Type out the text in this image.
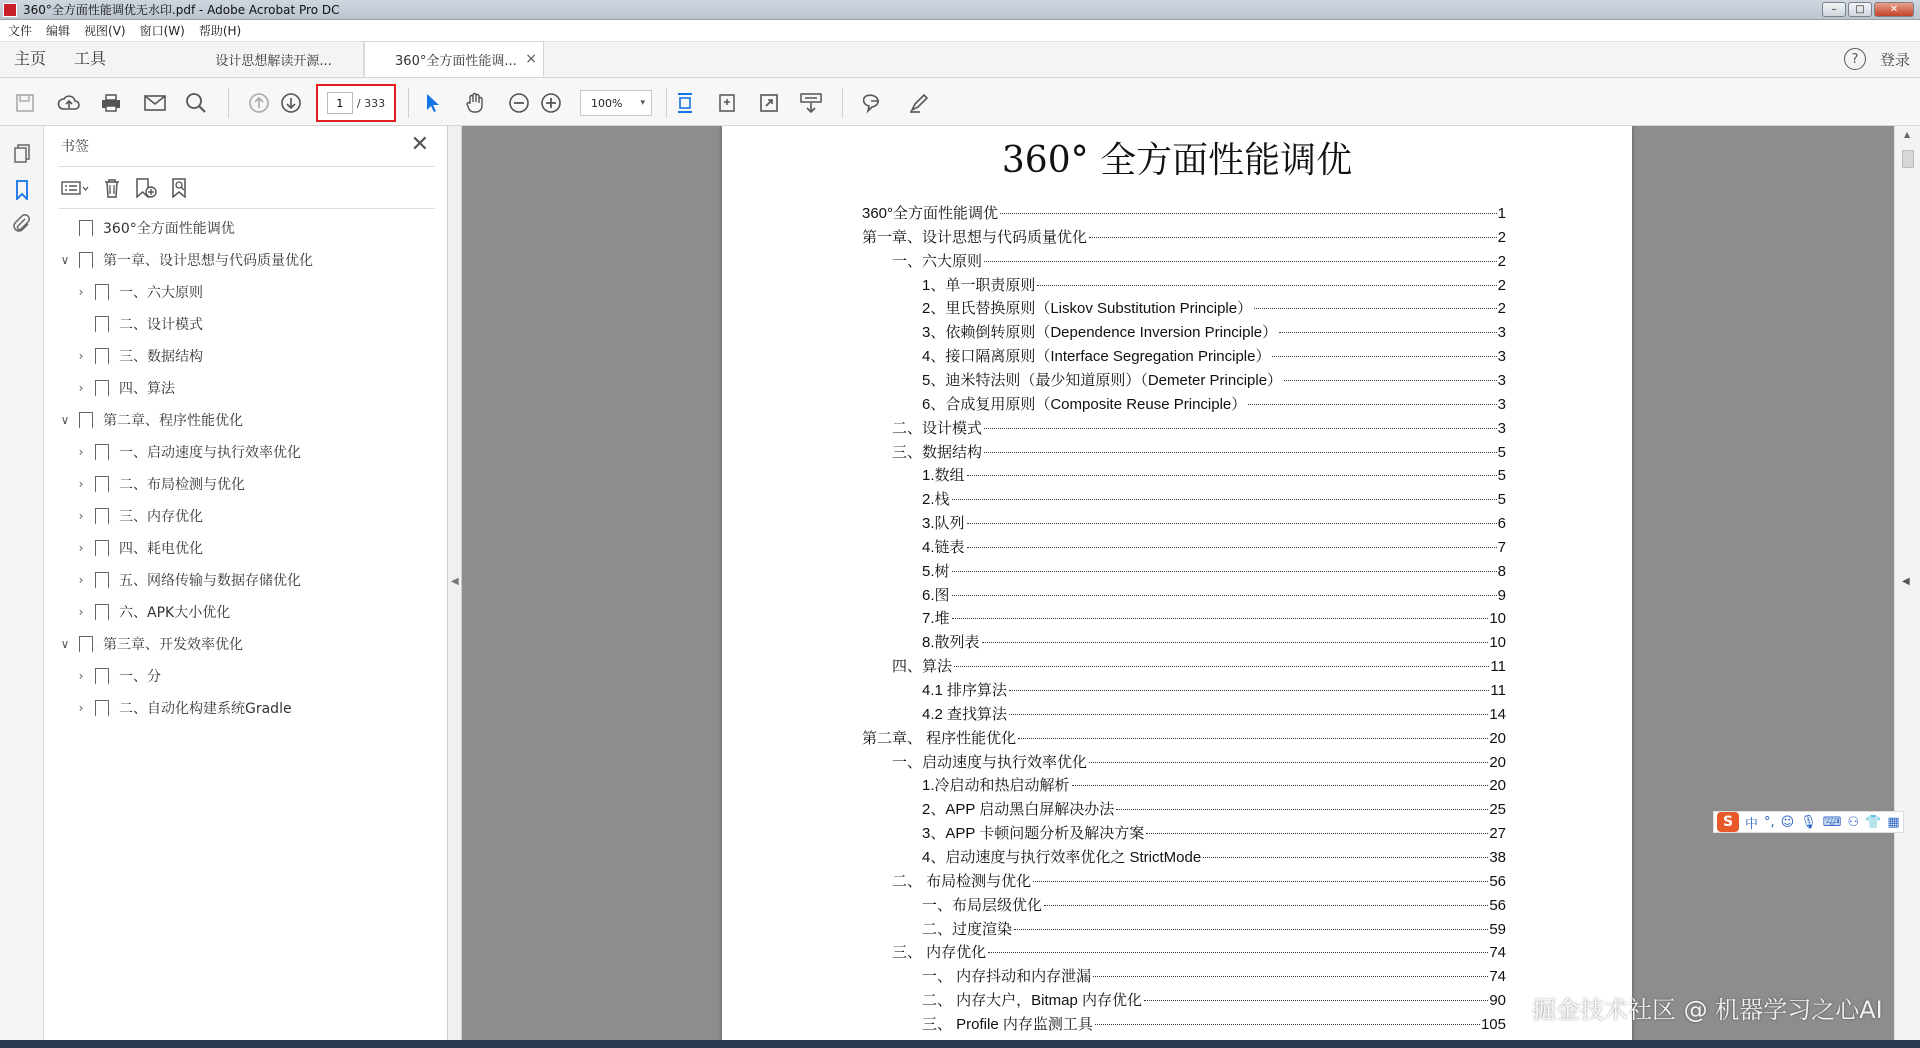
360°全方面性能调优无水印.pdf - Adobe Acrobat Pro DC	–	□	✕
文件 编辑 视图(V) 窗口(W) 帮助(H)
主页	工具	设计思想解读开源...	360°全方面性能调... ×	?	登录
1
/ 333	100% ▾
书签	✕
360°全方面性能调优
∨ 第一章、设计思想与代码质量优化
›	一、六大原则
二、设计模式
›	三、数据结构
›	四、算法
∨ 第二章、程序性能优化
›	一、启动速度与执行效率优化
›	二、布局检测与优化
›	三、内存优化
›	四、耗电优化
›	五、网络传输与数据存储优化
›	六、APK大小优化
∨ 第三章、开发效率优化
›	一、分
›	二、自动化构建系统Gradle
◀
360° 全方面性能调优
360°全方面性能调优	1
第一章、设计思想与代码质量优化	2
一、六大原则	2
1、单一职责原则	2
2、里氏替换原则（Liskov Substitution Principle）	2
3、依赖倒转原则（Dependence Inversion Principle）	3
4、接口隔离原则（Interface Segregation Principle）	3
5、迪米特法则（最少知道原则）（Demeter Principle）	3
6、合成复用原则（Composite Reuse Principle）	3
二、设计模式	3
三、数据结构	5
1.数组	5
2.栈	5
3.队列	6
4.链表	7
5.树	8
6.图	9
7.堆	10
8.散列表	10
四、算法	11
4.1 排序算法	11
4.2 查找算法	14
第二章、 程序性能优化	20
一、启动速度与执行效率优化	20
1.冷启动和热启动解析	20
2、APP 启动黑白屏解决办法	25
3、APP 卡顿问题分析及解决方案	27
4、启动速度与执行效率优化之 StrictMode	38
二、 布局检测与优化	56
一、布局层级优化	56
二、过度渲染	59
三、 内存优化	74
一、 内存抖动和内存泄漏	74
二、 内存大户，Bitmap 内存优化	90
三、 Profile 内存监测工具	105
▲
◀
S 中 °, ☺ 🎙 ⌨ ⚇ 👕 ▦
掘金技术社区 @ 机器学习之心AI
